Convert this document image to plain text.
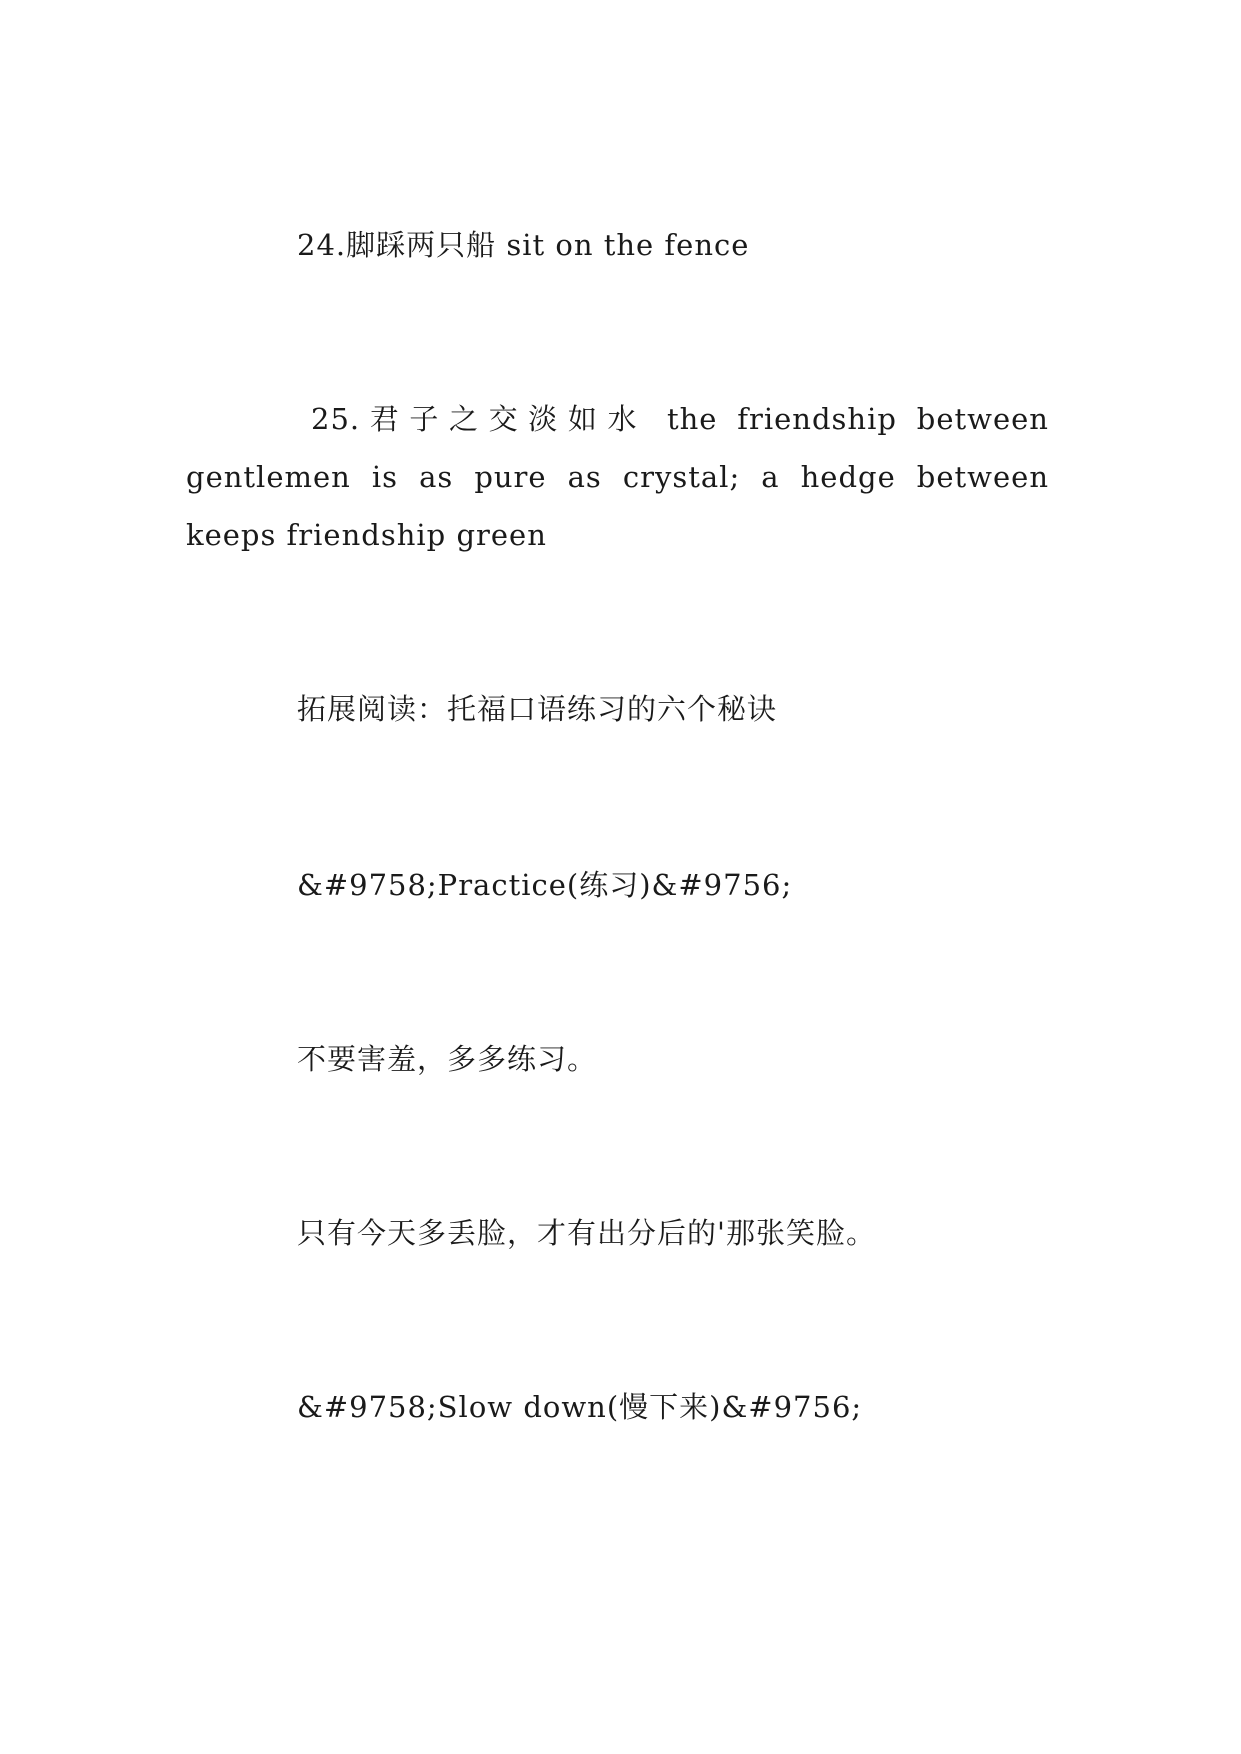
24.脚踩两只船 sit on the fence

25.君子之交淡如水 the friendship between gentlemen is as pure as crystal; a hedge between keeps friendship green

拓展阅读：托福口语练习的六个秘诀

&#9758;Practice(练习)&#9756;

不要害羞，多多练习。

只有今天多丢脸，才有出分后的'那张笑脸。

&#9758;Slow down(慢下来)&#9756;
